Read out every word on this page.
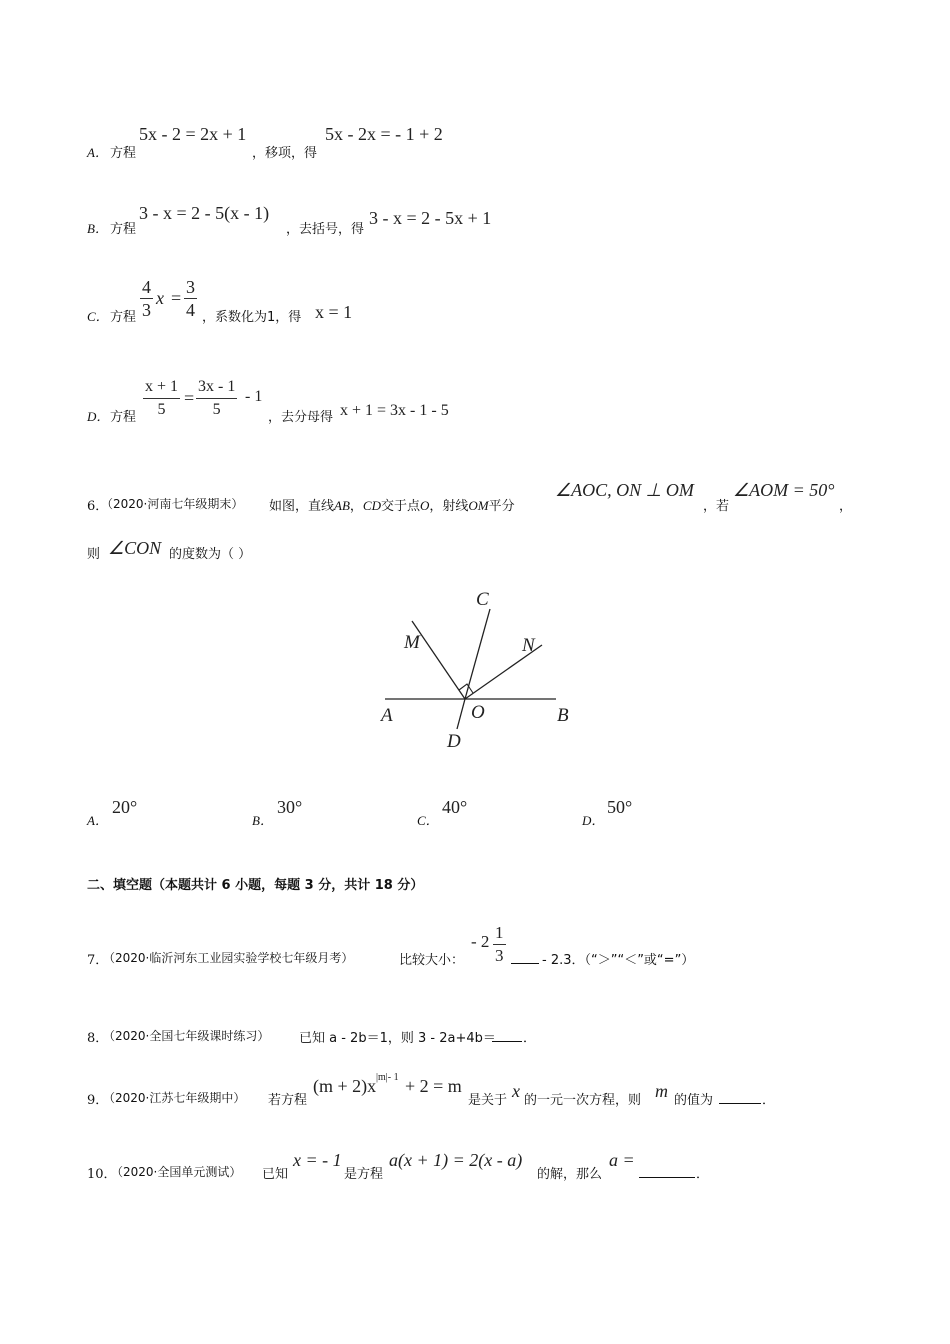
A． 方程
5x - 2 = 2x + 1
，移项，得
5x - 2x = - 1 + 2
B． 方程
3 - x = 2 - 5(x - 1)
，去括号，得
3 - x = 2 - 5x + 1
C． 方程 $\frac{4}{3}$ $x = \frac{3}{4}$ ，系数化为1，得 x = 1
D． 方程 $\frac{x + 1}{5} = \frac{3x - 1}{5} - 1$
，去分母得 x + 1 = 3x - 1 - 5
6．
（2020·河南七年级期末） 如图，直线AB，CD交于点O，射线OM平分
∠AOC, ON ⊥ OM
，若
∠AOM = 50°
，
则 ∠CON 的度数为（ ）
C
M	N
A	O	B
D
A．
20°
B．
30°
C．
40°
D．
50°
二、填空题（本题共计 6 小题，每题 3 分，共计 18 分）
7．
（2020·临沂河东工业园实验学校七年级月考）	比较大小：
- $2 \frac{1}{3}$	- 2.3．（“＞”“＜”或“=”）
8．
（2020·全国七年级课时练习） 已知 a - 2b＝1，则 3 - 2a+4b＝ ．
9．
（2020·江苏七年级期中） 若方程
(m + 2)x |m|- 1 + 2 = m
是关于 x 的一元一次方程，则 m 的值为	．
10．
（2020·全国单元测试） 已知
x = - 1
是方程
a(x + 1) = 2(x - a)
的解，那么
a =
．
